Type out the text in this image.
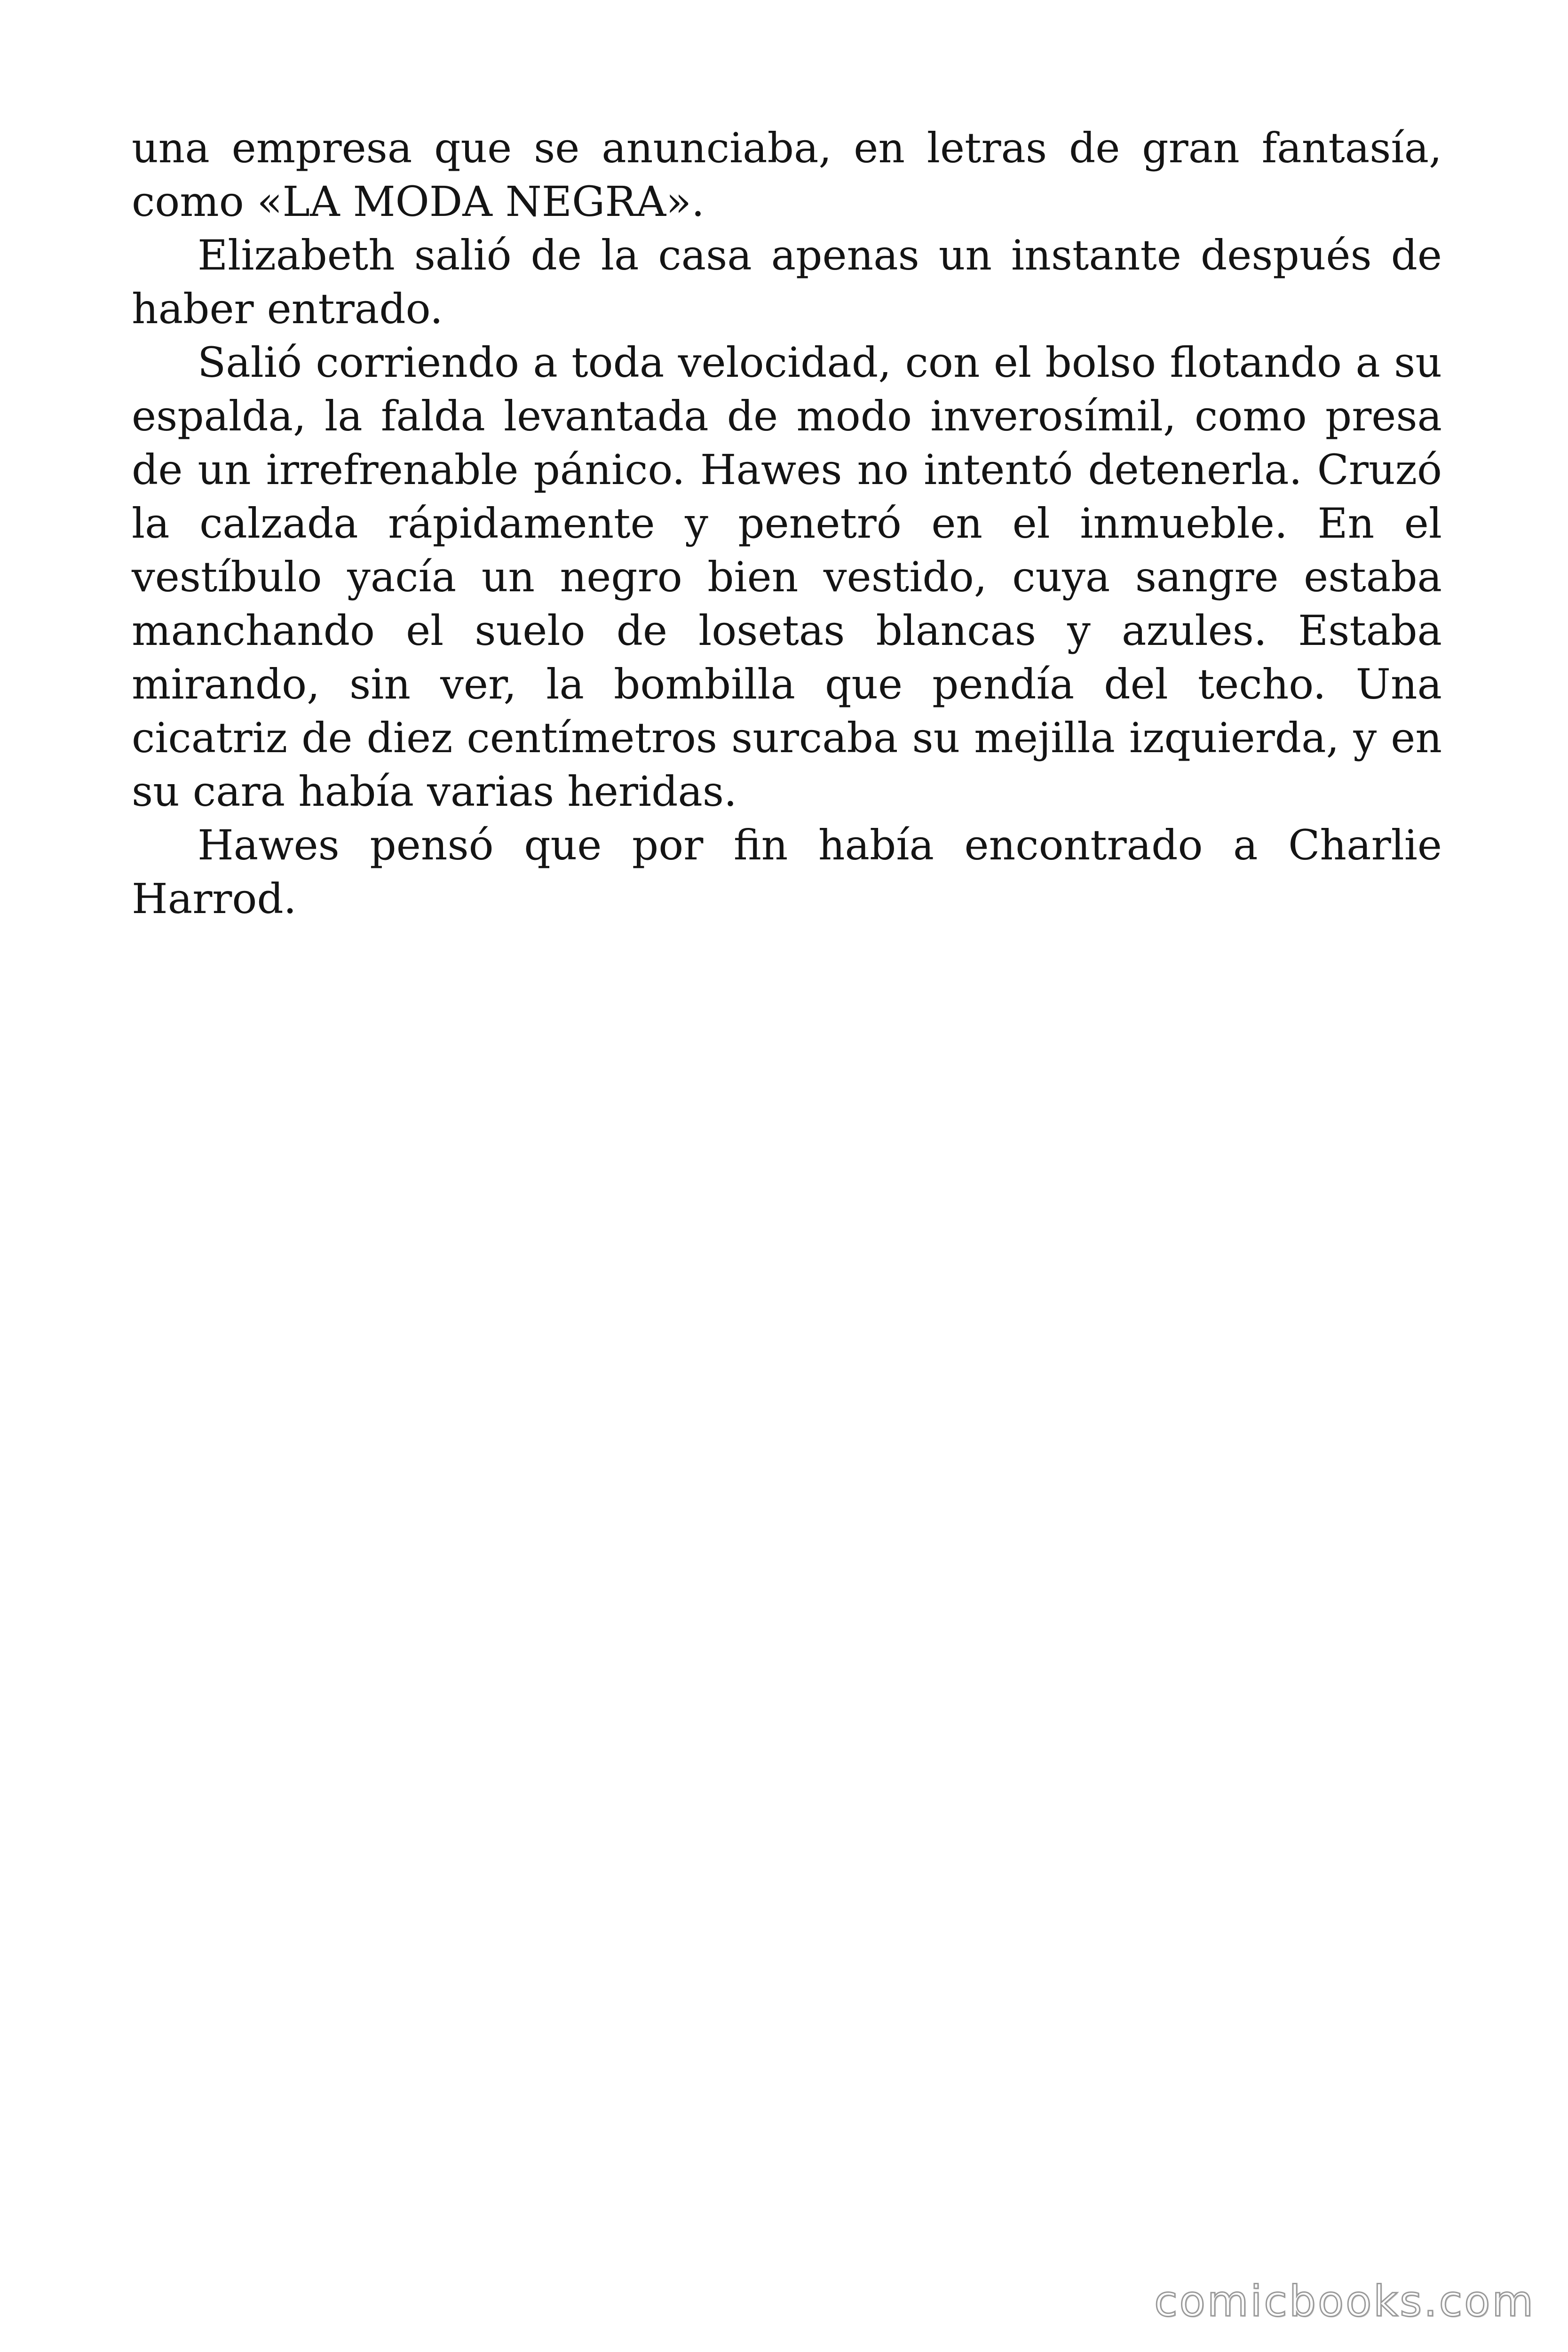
una empresa que se anunciaba, en letras de gran fantasía, como «LA MODA NEGRA».

Elizabeth salió de la casa apenas un instante después de haber entrado.

Salió corriendo a toda velocidad, con el bolso flotando a su espalda, la falda levantada de modo inverosímil, como presa de un irrefrenable pánico. Hawes no intentó detenerla. Cruzó la calzada rápidamente y penetró en el inmueble. En el vestíbulo yacía un negro bien vestido, cuya sangre estaba manchando el suelo de losetas blancas y azules. Estaba mirando, sin ver, la bombilla que pendía del techo. Una cicatriz de diez centímetros surcaba su mejilla izquierda, y en su cara había varias heridas.

Hawes pensó que por fin había encontrado a Charlie Harrod.

comicbooks.com
